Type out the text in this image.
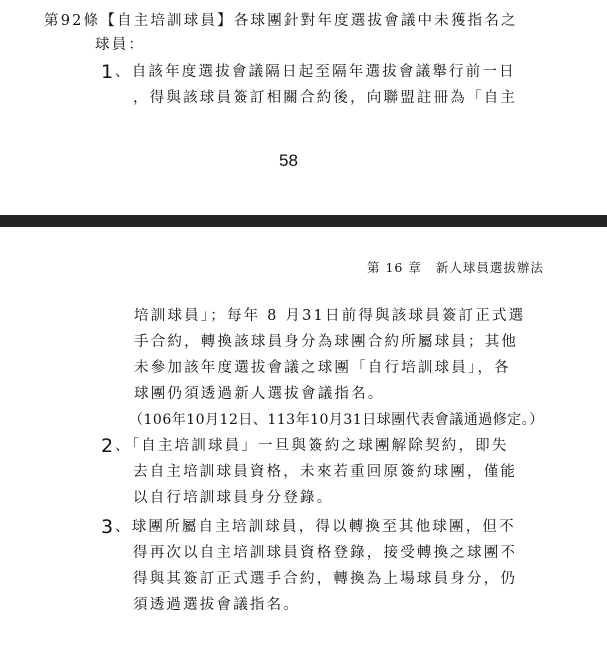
第92條【自主培訓球員】各球團針對年度選拔會議中未獲指名之
球員：
1 、自該年度選拔會議隔日起至隔年選拔會議舉行前一日
，得與該球員簽訂相關合約後，向聯盟註冊為「自主
58
第 16 章 新人球員選拔辦法
培訓球員」；每年 8 月31日前得與該球員簽訂正式選
手合約，轉換該球員身分為球團合約所屬球員；其他
未參加該年度選拔會議之球團「自行培訓球員」，各
球團仍須透過新人選拔會議指名。
（106年10月12日、113年10月31日球團代表會議通過修定。）
2 、「自主培訓球員」一旦與簽約之球團解除契約，即失
去自主培訓球員資格，未來若重回原簽約球團，僅能
以自行培訓球員身分登錄。
3 、球團所屬自主培訓球員，得以轉換至其他球團，但不
得再次以自主培訓球員資格登錄，接受轉換之球團不
得與其簽訂正式選手合約，轉換為上場球員身分，仍
須透過選拔會議指名。
